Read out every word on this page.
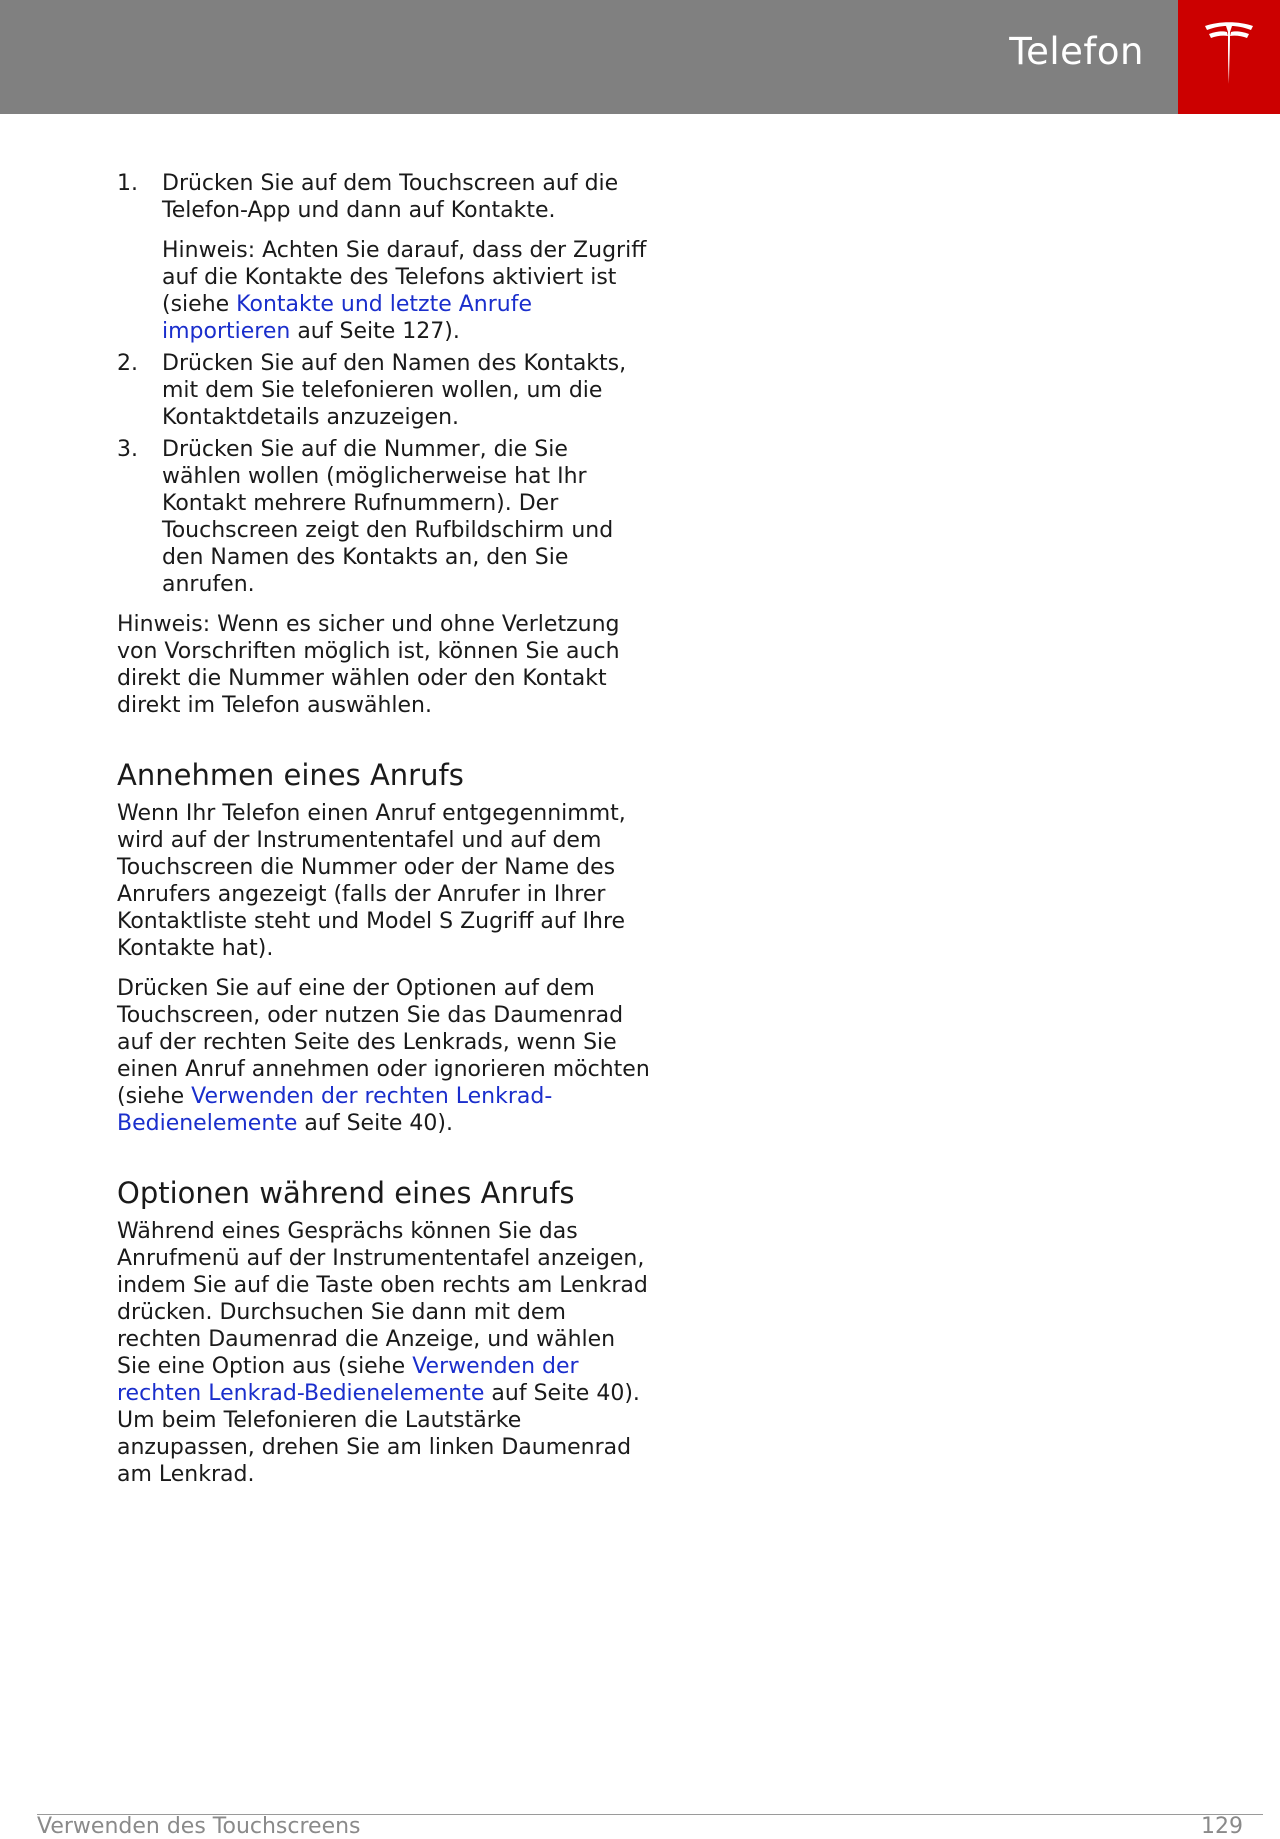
Telefon
1. Drücken Sie auf dem Touchscreen auf die Telefon-App und dann auf Kontakte.

Hinweis: Achten Sie darauf, dass der Zugriff auf die Kontakte des Telefons aktiviert ist (siehe Kontakte und letzte Anrufe importieren auf Seite 127).

2. Drücken Sie auf den Namen des Kontakts, mit dem Sie telefonieren wollen, um die Kontaktdetails anzuzeigen.

3. Drücken Sie auf die Nummer, die Sie wählen wollen (möglicherweise hat Ihr Kontakt mehrere Rufnummern). Der Touchscreen zeigt den Rufbildschirm und den Namen des Kontakts an, den Sie anrufen.

Hinweis: Wenn es sicher und ohne Verletzung von Vorschriften möglich ist, können Sie auch direkt die Nummer wählen oder den Kontakt direkt im Telefon auswählen.

Annehmen eines Anrufs

Wenn Ihr Telefon einen Anruf entgegennimmt, wird auf der Instrumententafel und auf dem Touchscreen die Nummer oder der Name des Anrufers angezeigt (falls der Anrufer in Ihrer Kontaktliste steht und Model S Zugriff auf Ihre Kontakte hat).

Drücken Sie auf eine der Optionen auf dem Touchscreen, oder nutzen Sie das Daumenrad auf der rechten Seite des Lenkrads, wenn Sie einen Anruf annehmen oder ignorieren möchten (siehe Verwenden der rechten Lenkrad-Bedienelemente auf Seite 40).

Optionen während eines Anrufs

Während eines Gesprächs können Sie das Anrufmenü auf der Instrumententafel anzeigen, indem Sie auf die Taste oben rechts am Lenkrad drücken. Durchsuchen Sie dann mit dem rechten Daumenrad die Anzeige, und wählen Sie eine Option aus (siehe Verwenden der rechten Lenkrad-Bedienelemente auf Seite 40). Um beim Telefonieren die Lautstärke anzupassen, drehen Sie am linken Daumenrad am Lenkrad.

Verwenden des Touchscreens	129
